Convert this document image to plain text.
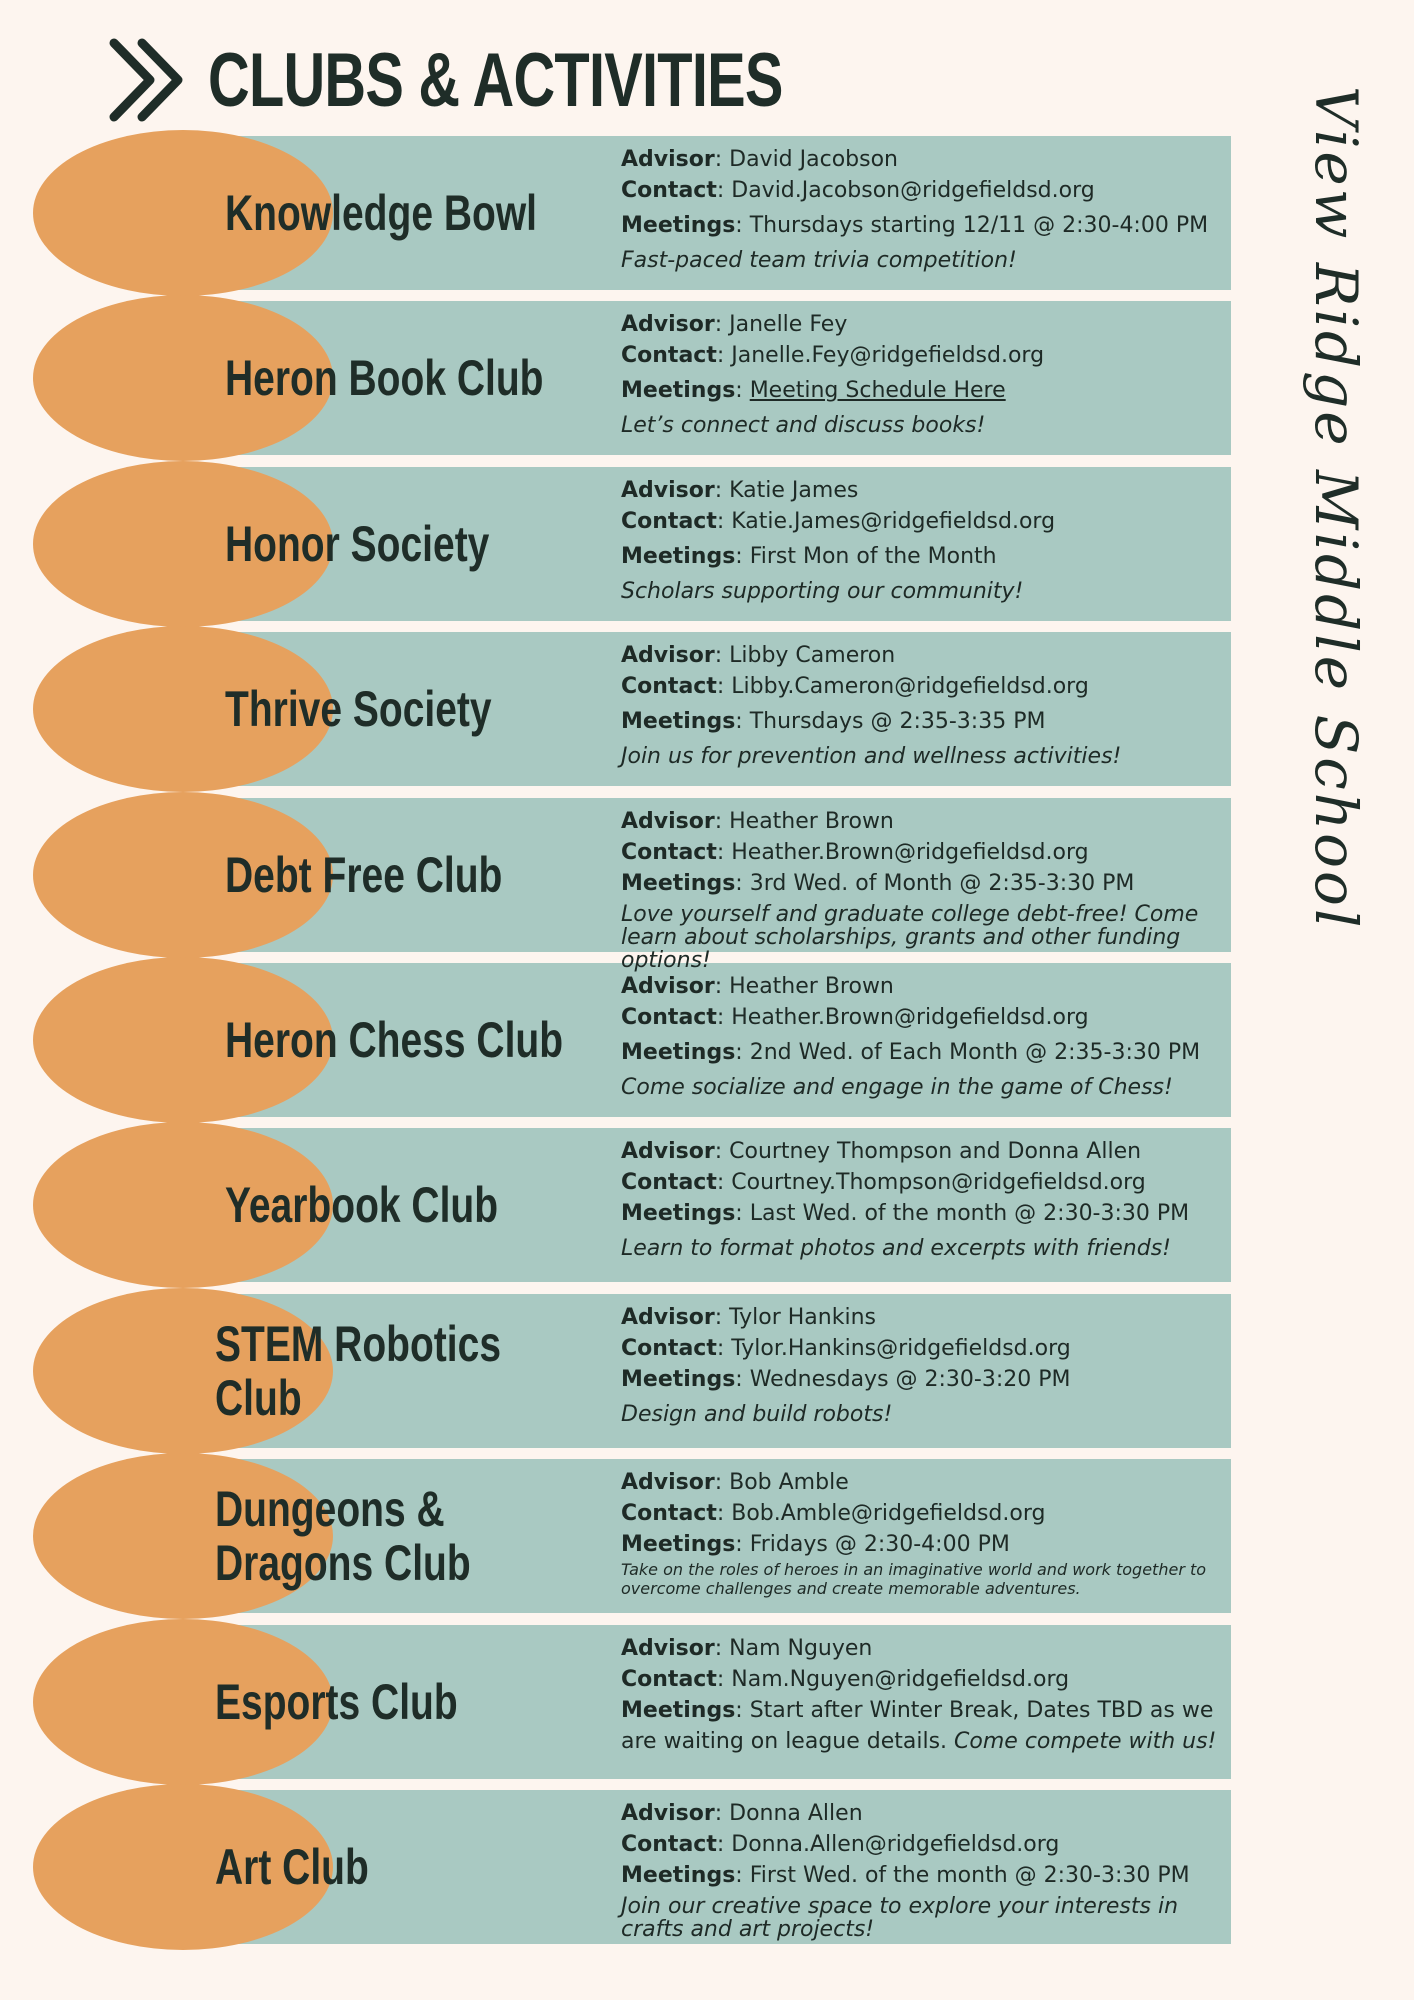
CLUBS & ACTIVITIES
View Ridge Middle School
Knowledge Bowl
Advisor: David Jacobson
Contact: David.Jacobson@ridgefieldsd.org
Meetings: Thursdays starting 12/11 @ 2:30-4:00 PM
Fast-paced team trivia competition!
Heron Book Club
Advisor: Janelle Fey
Contact: Janelle.Fey@ridgefieldsd.org
Meetings: Meeting Schedule Here
Let’s connect and discuss books!
Honor Society
Advisor: Katie James
Contact: Katie.James@ridgefieldsd.org
Meetings: First Mon of the Month
Scholars supporting our community!
Thrive Society
Advisor: Libby Cameron
Contact: Libby.Cameron@ridgefieldsd.org
Meetings: Thursdays @ 2:35-3:35 PM
Join us for prevention and wellness activities!
Debt Free Club
Advisor: Heather Brown
Contact: Heather.Brown@ridgefieldsd.org
Meetings: 3rd Wed. of Month @ 2:35-3:30 PM
Love yourself and graduate college debt-free! Come learn about scholarships, grants and other funding options!
Heron Chess Club
Advisor: Heather Brown
Contact: Heather.Brown@ridgefieldsd.org
Meetings: 2nd Wed. of Each Month @ 2:35-3:30 PM
Come socialize and engage in the game of Chess!
Yearbook Club
Advisor: Courtney Thompson and Donna Allen
Contact: Courtney.Thompson@ridgefieldsd.org
Meetings: Last Wed. of the month @ 2:30-3:30 PM
Learn to format photos and excerpts with friends!
STEM Robotics Club
Advisor: Tylor Hankins
Contact: Tylor.Hankins@ridgefieldsd.org
Meetings: Wednesdays @ 2:30-3:20 PM
Design and build robots!
Dungeons &
Dragons Club
Advisor: Bob Amble
Contact: Bob.Amble@ridgefieldsd.org
Meetings: Fridays @ 2:30-4:00 PM
Take on the roles of heroes in an imaginative world and work together to overcome challenges and create memorable adventures.
Esports Club
Advisor: Nam Nguyen
Contact: Nam.Nguyen@ridgefieldsd.org
Meetings: Start after Winter Break, Dates TBD as we are waiting on league details. Come compete with us!
Art Club
Advisor: Donna Allen
Contact: Donna.Allen@ridgefieldsd.org
Meetings: First Wed. of the month @ 2:30-3:30 PM
Join our creative space to explore your interests in crafts and art projects!
